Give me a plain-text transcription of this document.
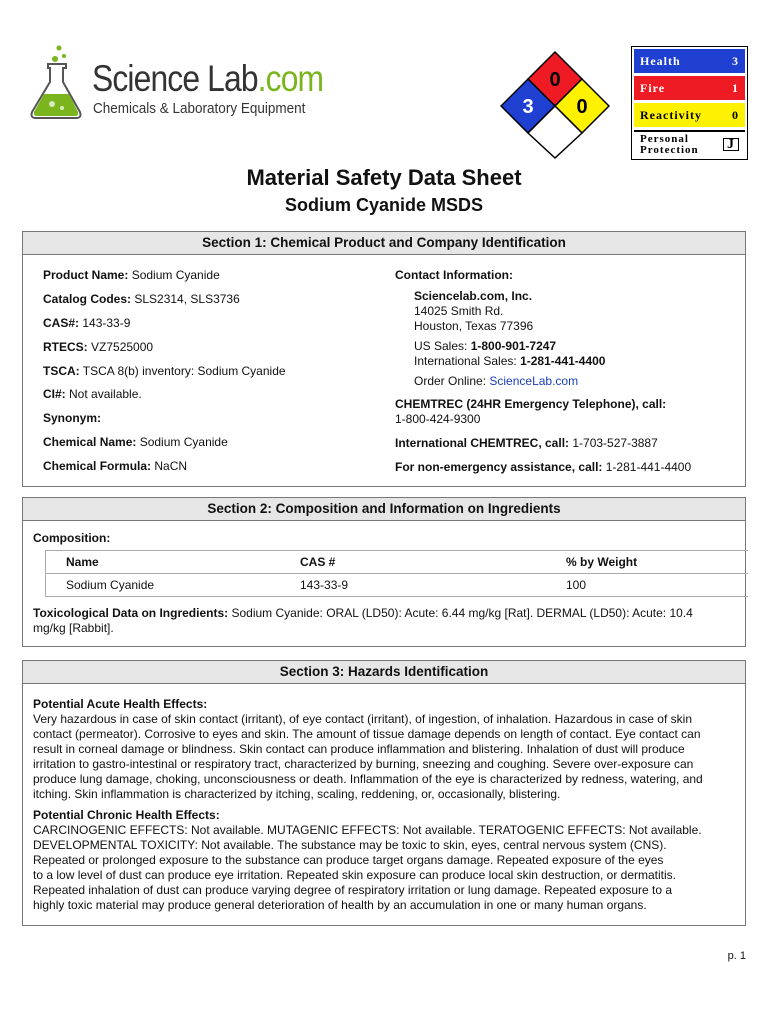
Science Lab.com
Chemicals & Laboratory Equipment
0
3 0
Health	3
Fire	1
Reactivity	0
Personal
Protection J
Material Safety Data Sheet
Sodium Cyanide MSDS
Section 1: Chemical Product and Company Identification
Product Name: Sodium Cyanide
Catalog Codes: SLS2314, SLS3736
CAS#: 143-33-9
RTECS: VZ7525000
TSCA: TSCA 8(b) inventory: Sodium Cyanide
CI#: Not available.
Synonym:
Chemical Name: Sodium Cyanide
Chemical Formula: NaCN
Contact Information:
Sciencelab.com, Inc.
14025 Smith Rd.
Houston, Texas 77396
US Sales: 1-800-901-7247
International Sales: 1-281-441-4400
Order Online: ScienceLab.com
CHEMTREC (24HR Emergency Telephone), call:
1-800-424-9300
International CHEMTREC, call: 1-703-527-3887
For non-emergency assistance, call: 1-281-441-4400
Section 2: Composition and Information on Ingredients
Composition:
Name	CAS #	% by Weight
Sodium Cyanide	143-33-9	100
Toxicological Data on Ingredients: Sodium Cyanide: ORAL (LD50): Acute: 6.44 mg/kg [Rat]. DERMAL (LD50): Acute: 10.4
mg/kg [Rabbit].
Section 3: Hazards Identification
Potential Acute Health Effects:
Very hazardous in case of skin contact (irritant), of eye contact (irritant), of ingestion, of inhalation. Hazardous in case of skin
contact (permeator). Corrosive to eyes and skin. The amount of tissue damage depends on length of contact. Eye contact can
result in corneal damage or blindness. Skin contact can produce inflammation and blistering. Inhalation of dust will produce
irritation to gastro-intestinal or respiratory tract, characterized by burning, sneezing and coughing. Severe over-exposure can
produce lung damage, choking, unconsciousness or death. Inflammation of the eye is characterized by redness, watering, and
itching. Skin inflammation is characterized by itching, scaling, reddening, or, occasionally, blistering.
Potential Chronic Health Effects:
CARCINOGENIC EFFECTS: Not available. MUTAGENIC EFFECTS: Not available. TERATOGENIC EFFECTS: Not available.
DEVELOPMENTAL TOXICITY: Not available. The substance may be toxic to skin, eyes, central nervous system (CNS).
Repeated or prolonged exposure to the substance can produce target organs damage. Repeated exposure of the eyes
to a low level of dust can produce eye irritation. Repeated skin exposure can produce local skin destruction, or dermatitis.
Repeated inhalation of dust can produce varying degree of respiratory irritation or lung damage. Repeated exposure to a
highly toxic material may produce general deterioration of health by an accumulation in one or many human organs.
p. 1
